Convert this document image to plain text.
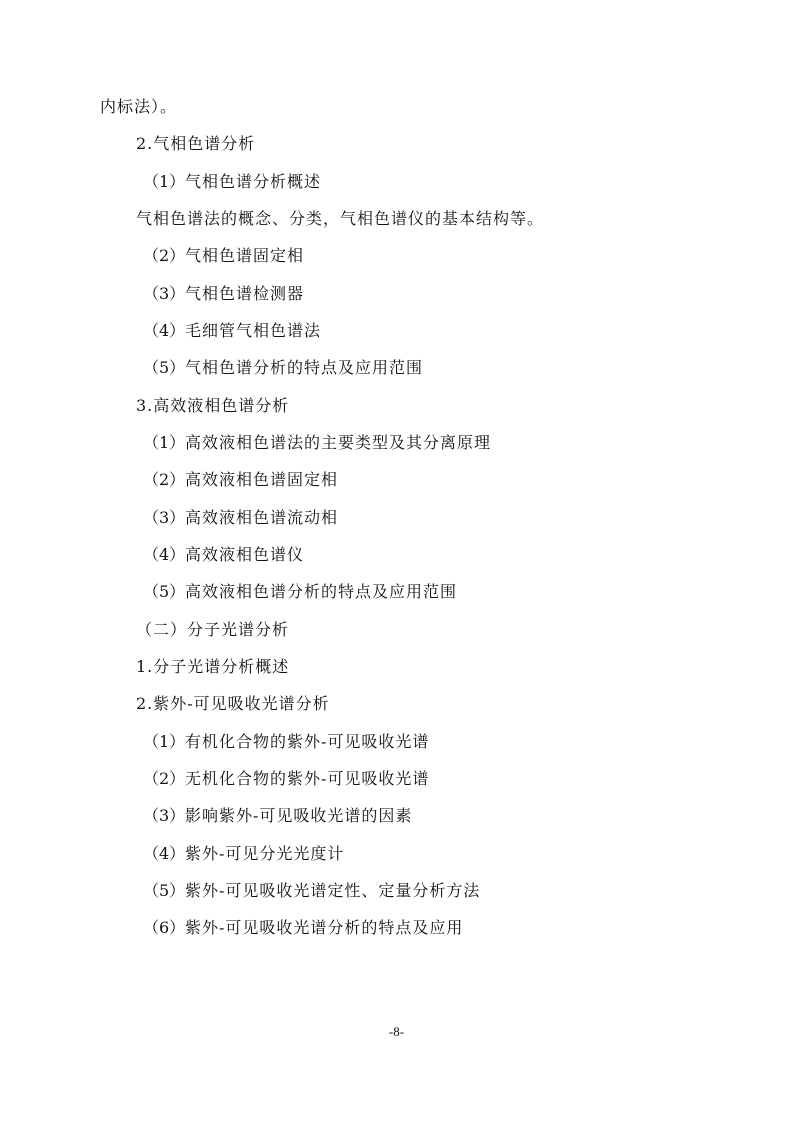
内标法）。
2.气相色谱分析
（1）气相色谱分析概述
气相色谱法的概念、分类，气相色谱仪的基本结构等。
（2）气相色谱固定相
（3）气相色谱检测器
（4）毛细管气相色谱法
（5）气相色谱分析的特点及应用范围
3.高效液相色谱分析
（1）高效液相色谱法的主要类型及其分离原理
（2）高效液相色谱固定相
（3）高效液相色谱流动相
（4）高效液相色谱仪
（5）高效液相色谱分析的特点及应用范围
（二）分子光谱分析
1.分子光谱分析概述
2.紫外-可见吸收光谱分析
（1）有机化合物的紫外-可见吸收光谱
（2）无机化合物的紫外-可见吸收光谱
（3）影响紫外-可见吸收光谱的因素
（4）紫外-可见分光光度计
（5）紫外-可见吸收光谱定性、定量分析方法
（6）紫外-可见吸收光谱分析的特点及应用
-8-
